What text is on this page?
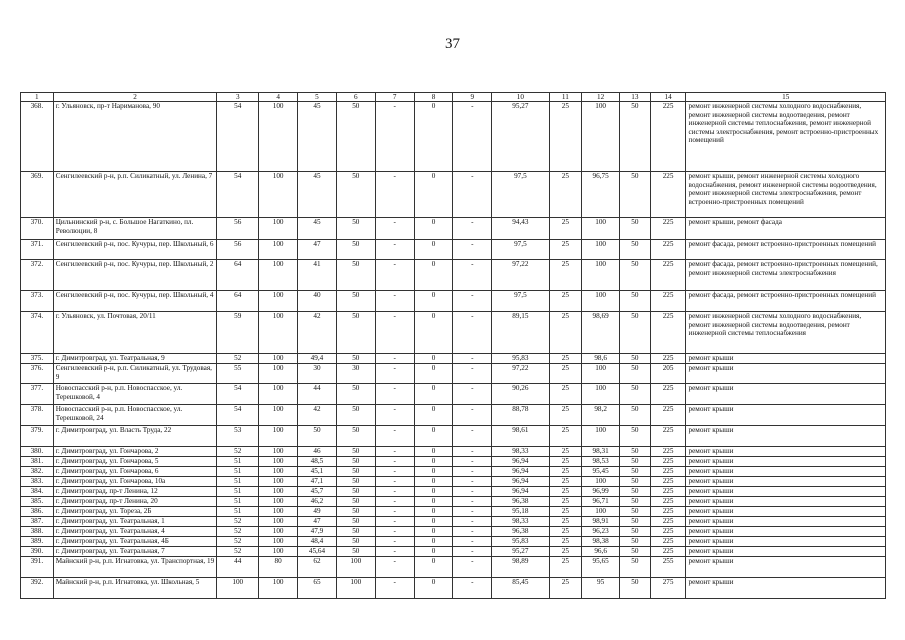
37
1	2	3	4	5	6	7	8	9	10	11	12	13	14	15
368.	г. Ульяновск, пр-т Нариманова, 90	54	100	45	50	-	0	-	95,27	25	100	50	225	ремонт инженерной системы холодного водоснабжения, ремонт инженерной системы водоотведения, ремонт инженерной системы теплоснабжения, ремонт инженерной системы электроснабжения, ремонт встроенно-пристроенных помещений
369.	Сенгилеевский р-н, р.п. Силикатный, ул. Ленина, 7	54	100	45	50	-	0	-	97,5	25	96,75	50	225	ремонт крыши, ремонт инженерной системы холодного водоснабжения, ремонт инженерной системы водоотведения, ремонт инженерной системы электроснабжения, ремонт встроенно-пристроенных помещений
370.	Цильнинский р-н, с. Большое Нагаткино, пл. Революции, 8	56	100	45	50	-	0	-	94,43	25	100	50	225	ремонт крыши, ремонт фасада
371.	Сенгилеевский р-н, пос. Кучуры, пер. Школьный, 6	56	100	47	50	-	0	-	97,5	25	100	50	225	ремонт фасада, ремонт встроенно-пристроенных помещений
372.	Сенгилеевский р-н, пос. Кучуры, пер. Школьный, 2	64	100	41	50	-	0	-	97,22	25	100	50	225	ремонт фасада, ремонт встроенно-пристроенных помещений, ремонт инженерной системы электроснабжения
373.	Сенгилеевский р-н, пос. Кучуры, пер. Школьный, 4	64	100	40	50	-	0	-	97,5	25	100	50	225	ремонт фасада, ремонт встроенно-пристроенных помещений
374.	г. Ульяновск, ул. Почтовая, 20/11	59	100	42	50	-	0	-	89,15	25	98,69	50	225	ремонт инженерной системы холодного водоснабжения, ремонт инженерной системы водоотведения, ремонт инженерной системы теплоснабжения
375.	г. Димитровград, ул. Театральная, 9	52	100	49,4	50	-	0	-	95,83	25	98,6	50	225	ремонт крыши
376.	Сенгилеевский р-н, р.п. Силикатный, ул. Трудовая, 9	55	100	30	30	-	0	-	97,22	25	100	50	205	ремонт крыши
377.	Новоспасский р-н, р.п. Новоспасское, ул. Терешковой, 4	54	100	44	50	-	0	-	90,26	25	100	50	225	ремонт крыши
378.	Новоспасский р-н, р.п. Новоспасское, ул. Терешковой, 24	54	100	42	50	-	0	-	88,78	25	98,2	50	225	ремонт крыши
379.	г. Димитровград, ул. Власть Труда, 22	53	100	50	50	-	0	-	98,61	25	100	50	225	ремонт крыши
380.	г. Димитровград, ул. Гончарова, 2	52	100	46	50	-	0	-	98,33	25	98,31	50	225	ремонт крыши
381.	г. Димитровград, ул. Гончарова, 5	51	100	48,5	50	-	0	-	96,94	25	98,53	50	225	ремонт крыши
382.	г. Димитровград, ул. Гончарова, 6	51	100	45,1	50	-	0	-	96,94	25	95,45	50	225	ремонт крыши
383.	г. Димитровград, ул. Гончарова, 10а	51	100	47,1	50	-	0	-	96,94	25	100	50	225	ремонт крыши
384.	г. Димитровград, пр-т Ленина, 12	51	100	45,7	50	-	0	-	96,94	25	96,99	50	225	ремонт крыши
385.	г. Димитровград, пр-т Ленина, 20	51	100	46,2	50	-	0	-	96,38	25	96,71	50	225	ремонт крыши
386.	г. Димитровград, ул. Тореза, 2Б	51	100	49	50	-	0	-	95,18	25	100	50	225	ремонт крыши
387.	г. Димитровград, ул. Театральная, 1	52	100	47	50	-	0	-	98,33	25	98,91	50	225	ремонт крыши
388.	г. Димитровград, ул. Театральная, 4	52	100	47,9	50	-	0	-	96,38	25	96,23	50	225	ремонт крыши
389.	г. Димитровград, ул. Театральная, 4Б	52	100	48,4	50	-	0	-	95,83	25	98,38	50	225	ремонт крыши
390.	г. Димитровград, ул. Театральная, 7	52	100	45,64	50	-	0	-	95,27	25	96,6	50	225	ремонт крыши
391.	Майнский р-н, р.п. Игнатовка, ул. Транспортная, 19	44	80	62	100	-	0	-	98,89	25	95,65	50	255	ремонт крыши
392.	Майнский р-н, р.п. Игнатовка, ул. Школьная, 5	100	100	65	100	-	0	-	85,45	25	95	50	275	ремонт крыши
